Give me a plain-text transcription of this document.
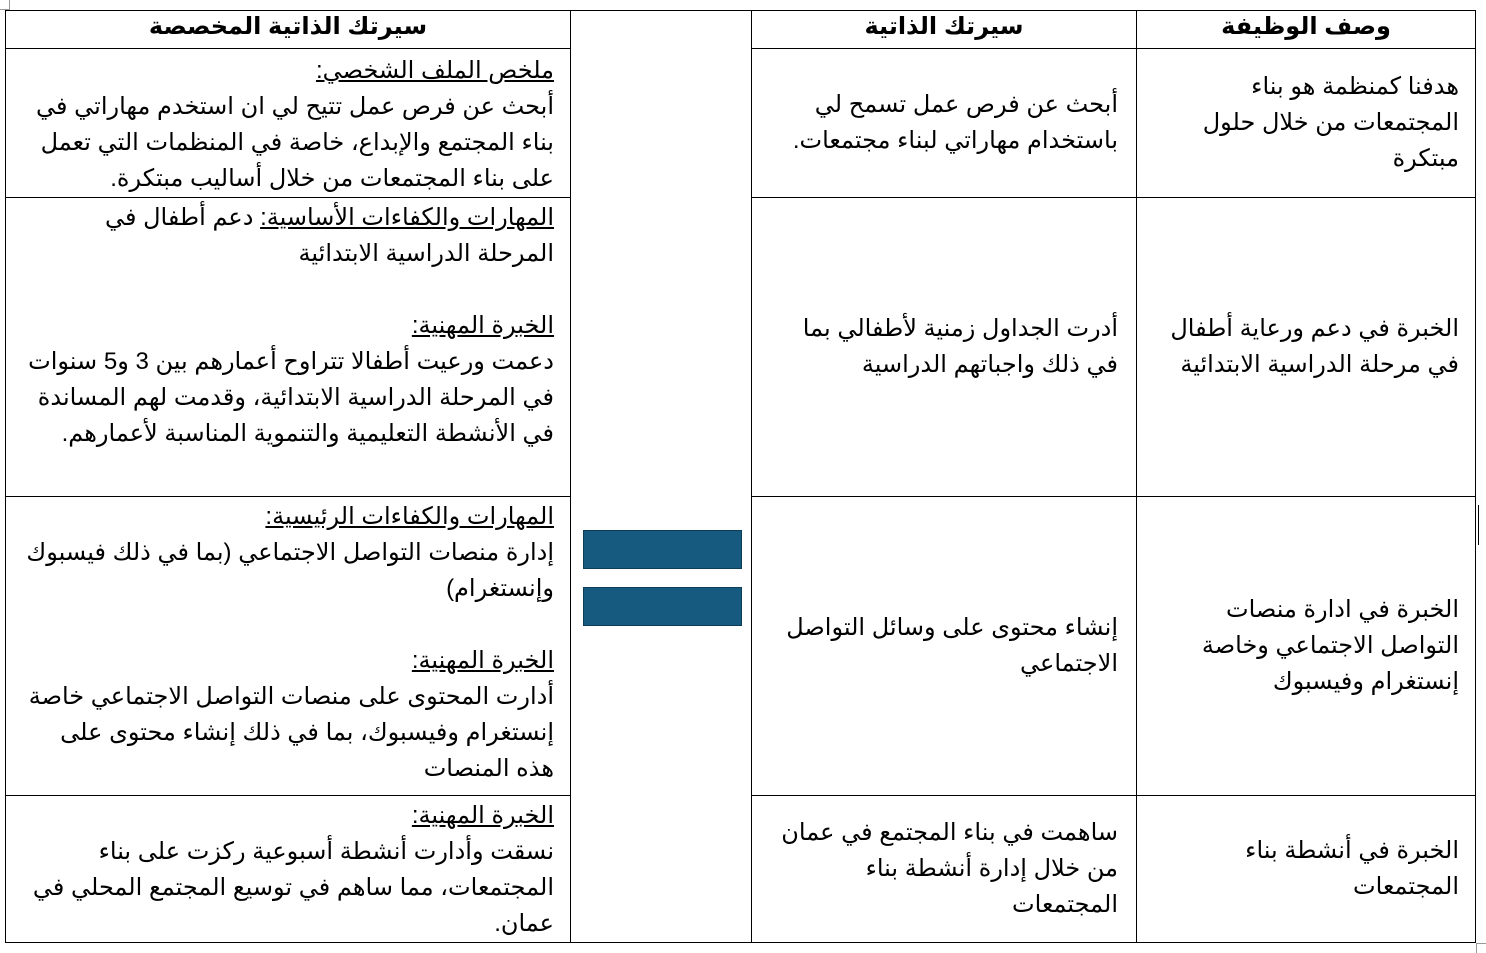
وصف الوظيفة
سيرتك الذاتية
سيرتك الذاتية المخصصة

هدفنا كمنظمة هو بناء المجتمعات من خلال حلول مبتكرة

أبحث عن فرص عمل تسمح لي باستخدام مهاراتي لبناء مجتمعات.

ملخص الملف الشخصي:

أبحث عن فرص عمل تتيح لي ان استخدم مهاراتي في بناء المجتمع والإبداع، خاصة في المنظمات التي تعمل على بناء المجتمعات من خلال أساليب مبتكرة.

الخبرة في دعم ورعاية أطفال في مرحلة الدراسية الابتدائية

أدرت الجداول زمنية لأطفالي بما في ذلك واجباتهم الدراسية

المهارات والكفاءات الأساسية: دعم أطفال في المرحلة الدراسية الابتدائية

الخبرة المهنية:

دعمت ورعيت أطفالا تتراوح أعمارهم بين 3 و5 سنوات في المرحلة الدراسية الابتدائية، وقدمت لهم المساندة في الأنشطة التعليمية والتنموية المناسبة لأعمارهم.

الخبرة في ادارة منصات التواصل الاجتماعي وخاصة إنستغرام وفيسبوك

إنشاء محتوى على وسائل التواصل الاجتماعي

المهارات والكفاءات الرئيسية:

إدارة منصات التواصل الاجتماعي (بما في ذلك فيسبوك وإنستغرام)

الخبرة المهنية:

أدارت المحتوى على منصات التواصل الاجتماعي خاصة إنستغرام وفيسبوك، بما في ذلك إنشاء محتوى على هذه المنصات

الخبرة في أنشطة بناء المجتمعات

ساهمت في بناء المجتمع في عمان من خلال إدارة أنشطة بناء المجتمعات

الخبرة المهنية:

نسقت وأدارت أنشطة أسبوعية ركزت على بناء المجتمعات، مما ساهم في توسيع المجتمع المحلي في عمان.
